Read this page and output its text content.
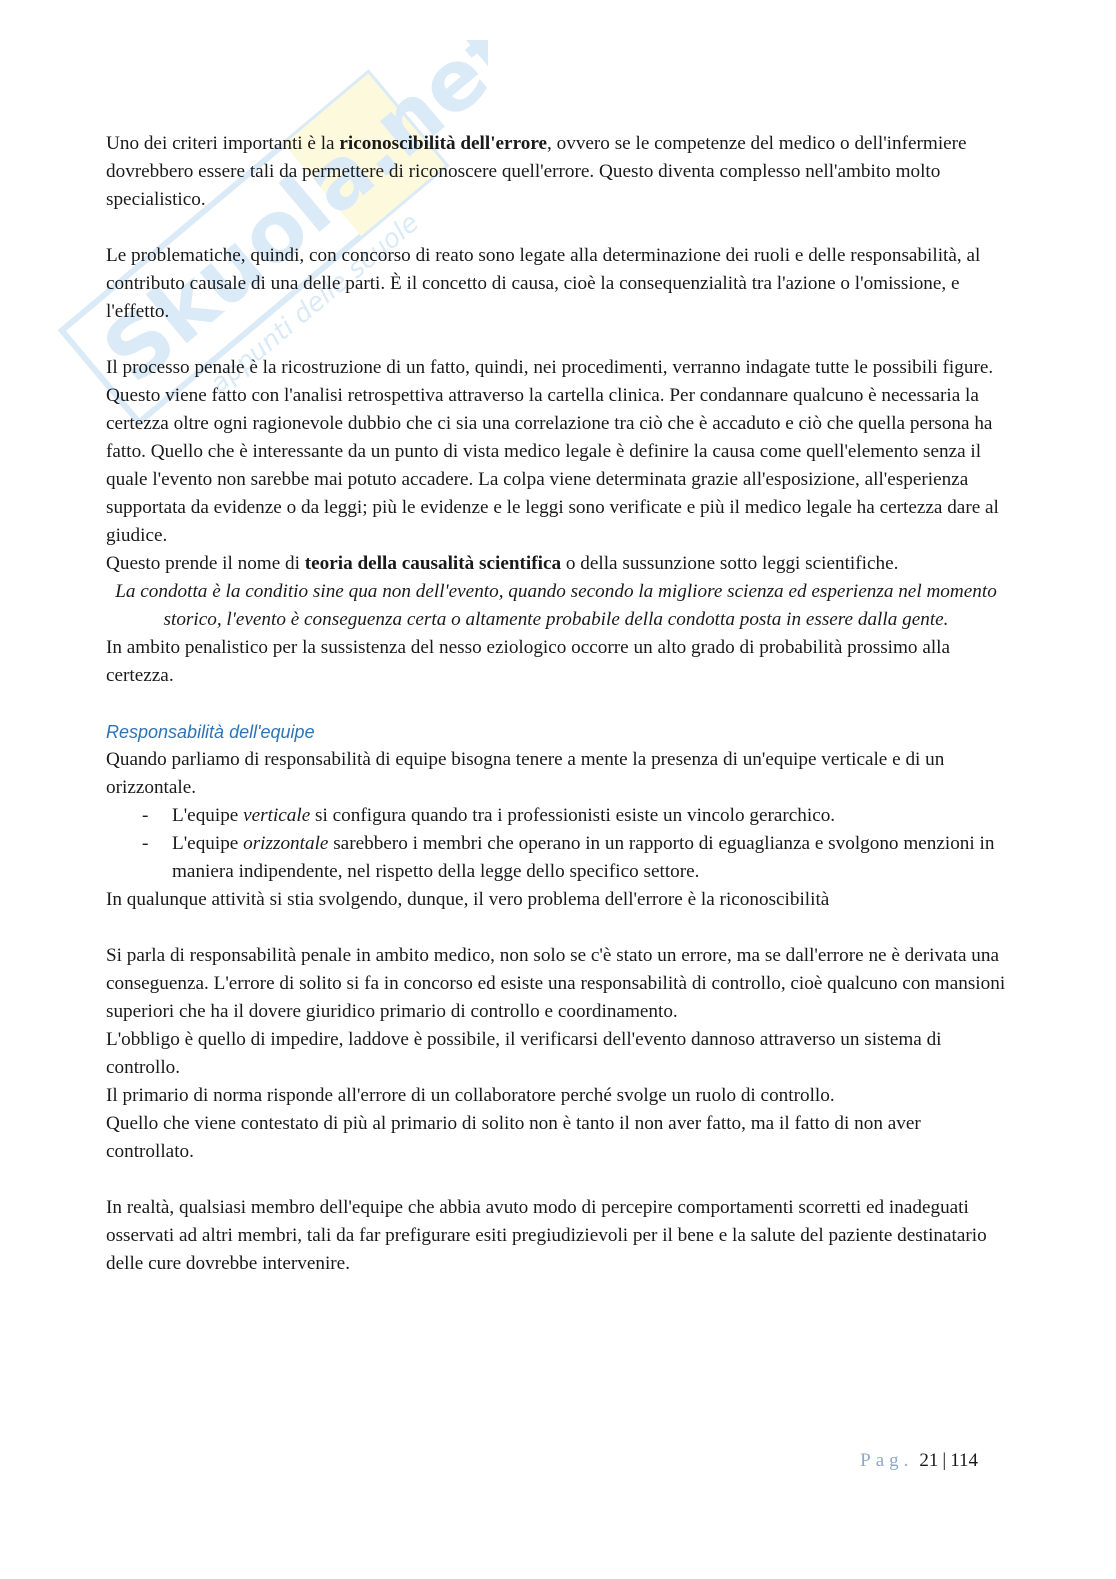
Skuola.net
appunti delle scuole

Uno dei criteri importanti è la riconoscibilità dell'errore, ovvero se le competenze del medico o dell'infermiere dovrebbero essere tali da permettere di riconoscere quell'errore. Questo diventa complesso nell'ambito molto specialistico.

Le problematiche, quindi, con concorso di reato sono legate alla determinazione dei ruoli e delle responsabilità, al contributo causale di una delle parti. È il concetto di causa, cioè la consequenzialità tra l'azione o l'omissione, e l'effetto.

Il processo penale è la ricostruzione di un fatto, quindi, nei procedimenti, verranno indagate tutte le possibili figure.

Questo viene fatto con l'analisi retrospettiva attraverso la cartella clinica. Per condannare qualcuno è necessaria la certezza oltre ogni ragionevole dubbio che ci sia una correlazione tra ciò che è accaduto e ciò che quella persona ha fatto. Quello che è interessante da un punto di vista medico legale è definire la causa come quell'elemento senza il quale l'evento non sarebbe mai potuto accadere. La colpa viene determinata grazie all'esposizione, all'esperienza supportata da evidenze o da leggi; più le evidenze e le leggi sono verificate e più il medico legale ha certezza dare al giudice.

Questo prende il nome di teoria della causalità scientifica o della sussunzione sotto leggi scientifiche.

La condotta è la conditio sine qua non dell'evento, quando secondo la migliore scienza ed esperienza nel momento storico, l'evento è conseguenza certa o altamente probabile della condotta posta in essere dalla gente.

In ambito penalistico per la sussistenza del nesso eziologico occorre un alto grado di probabilità prossimo alla certezza.

Responsabilità dell'equipe

Quando parliamo di responsabilità di equipe bisogna tenere a mente la presenza di un'equipe verticale e di un orizzontale.

- L'equipe verticale si configura quando tra i professionisti esiste un vincolo gerarchico.
- L'equipe orizzontale sarebbero i membri che operano in un rapporto di eguaglianza e svolgono menzioni in maniera indipendente, nel rispetto della legge dello specifico settore.

In qualunque attività si stia svolgendo, dunque, il vero problema dell'errore è la riconoscibilità

Si parla di responsabilità penale in ambito medico, non solo se c'è stato un errore, ma se dall'errore ne è derivata una conseguenza. L'errore di solito si fa in concorso ed esiste una responsabilità di controllo, cioè qualcuno con mansioni superiori che ha il dovere giuridico primario di controllo e coordinamento.

L'obbligo è quello di impedire, laddove è possibile, il verificarsi dell'evento dannoso attraverso un sistema di controllo.

Il primario di norma risponde all'errore di un collaboratore perché svolge un ruolo di controllo.

Quello che viene contestato di più al primario di solito non è tanto il non aver fatto, ma il fatto di non aver controllato.

In realtà, qualsiasi membro dell'equipe che abbia avuto modo di percepire comportamenti scorretti ed inadeguati osservati ad altri membri, tali da far prefigurare esiti pregiudizievoli per il bene e la salute del paziente destinatario delle cure dovrebbe intervenire.

Pag. 21 | 114
